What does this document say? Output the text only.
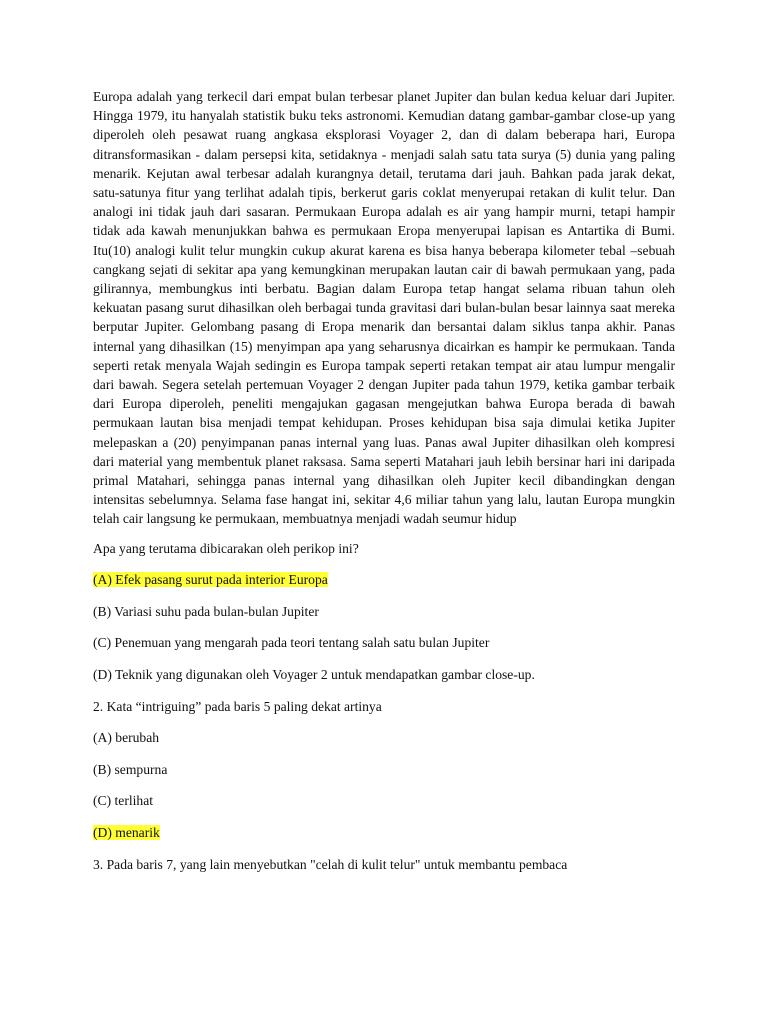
Europa adalah yang terkecil dari empat bulan terbesar planet Jupiter dan bulan kedua keluar dari Jupiter. Hingga 1979, itu hanyalah statistik buku teks astronomi. Kemudian datang gambar-gambar close-up yang diperoleh oleh pesawat ruang angkasa eksplorasi Voyager 2, dan di dalam beberapa hari, Europa ditransformasikan - dalam persepsi kita, setidaknya - menjadi salah satu tata surya (5) dunia yang paling menarik. Kejutan awal terbesar adalah kurangnya detail, terutama dari jauh. Bahkan pada jarak dekat, satu-satunya fitur yang terlihat adalah tipis, berkerut garis coklat menyerupai retakan di kulit telur. Dan analogi ini tidak jauh dari sasaran. Permukaan Europa adalah es air yang hampir murni, tetapi hampir tidak ada kawah menunjukkan bahwa es permukaan Eropa menyerupai lapisan es Antartika di Bumi. Itu(10) analogi kulit telur mungkin cukup akurat karena es bisa hanya beberapa kilometer tebal –sebuah cangkang sejati di sekitar apa yang kemungkinan merupakan lautan cair di bawah permukaan yang, pada gilirannya, membungkus inti berbatu. Bagian dalam Europa tetap hangat selama ribuan tahun oleh kekuatan pasang surut dihasilkan oleh berbagai tunda gravitasi dari bulan-bulan besar lainnya saat mereka berputar Jupiter. Gelombang pasang di Eropa menarik dan bersantai dalam siklus tanpa akhir. Panas internal yang dihasilkan (15) menyimpan apa yang seharusnya dicairkan es hampir ke permukaan. Tanda seperti retak menyala Wajah sedingin es Europa tampak seperti retakan tempat air atau lumpur mengalir dari bawah. Segera setelah pertemuan Voyager 2 dengan Jupiter pada tahun 1979, ketika gambar terbaik dari Europa diperoleh, peneliti mengajukan gagasan mengejutkan bahwa Europa berada di bawah permukaan lautan bisa menjadi tempat kehidupan. Proses kehidupan bisa saja dimulai ketika Jupiter melepaskan a (20) penyimpanan panas internal yang luas. Panas awal Jupiter dihasilkan oleh kompresi dari material yang membentuk planet raksasa. Sama seperti Matahari jauh lebih bersinar hari ini daripada primal Matahari, sehingga panas internal yang dihasilkan oleh Jupiter kecil dibandingkan dengan intensitas sebelumnya. Selama fase hangat ini, sekitar 4,6 miliar tahun yang lalu, lautan Europa mungkin telah cair langsung ke permukaan, membuatnya menjadi wadah seumur hidup

Apa yang terutama dibicarakan oleh perikop ini?

(A) Efek pasang surut pada interior Europa

(B) Variasi suhu pada bulan-bulan Jupiter

(C) Penemuan yang mengarah pada teori tentang salah satu bulan Jupiter

(D) Teknik yang digunakan oleh Voyager 2 untuk mendapatkan gambar close-up.

2. Kata “intriguing” pada baris 5 paling dekat artinya

(A) berubah

(B) sempurna

(C) terlihat

(D) menarik

3. Pada baris 7, yang lain menyebutkan "celah di kulit telur" untuk membantu pembaca
